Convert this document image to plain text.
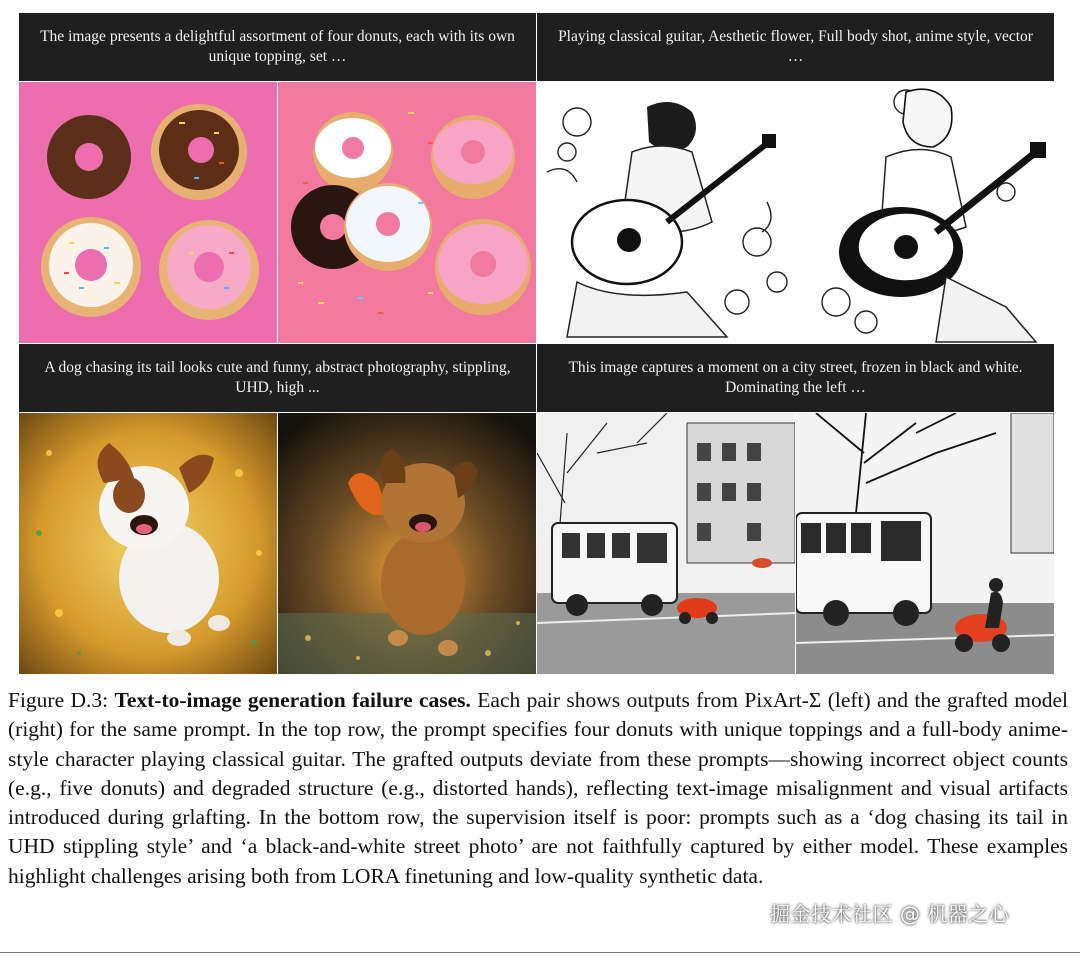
The image presents a delightful assortment of four donuts, each with its own unique topping, set …
Playing classical guitar, Aesthetic flower, Full body shot, anime style, vector …
A dog chasing its tail looks cute and funny, abstract photography, stippling, UHD, high ...
This image captures a moment on a city street, frozen in black and white. Dominating the left …
Figure D.3: Text-to-image generation failure cases. Each pair shows outputs from PixArt-Σ (left) and the grafted model (right) for the same prompt. In the top row, the prompt specifies four donuts with unique toppings and a full-body anime-style character playing classical guitar. The grafted outputs deviate from these prompts—showing incorrect object counts (e.g., five donuts) and degraded structure (e.g., distorted hands), reflecting text-image misalignment and visual artifacts introduced during grlafting. In the bottom row, the supervision itself is poor: prompts such as a ‘dog chasing its tail in UHD stippling style’ and ‘a black-and-white street photo’ are not faithfully captured by either model. These examples highlight challenges arising both from LORA finetuning and low-quality synthetic data.
掘金技术社区 @ 机器之心
